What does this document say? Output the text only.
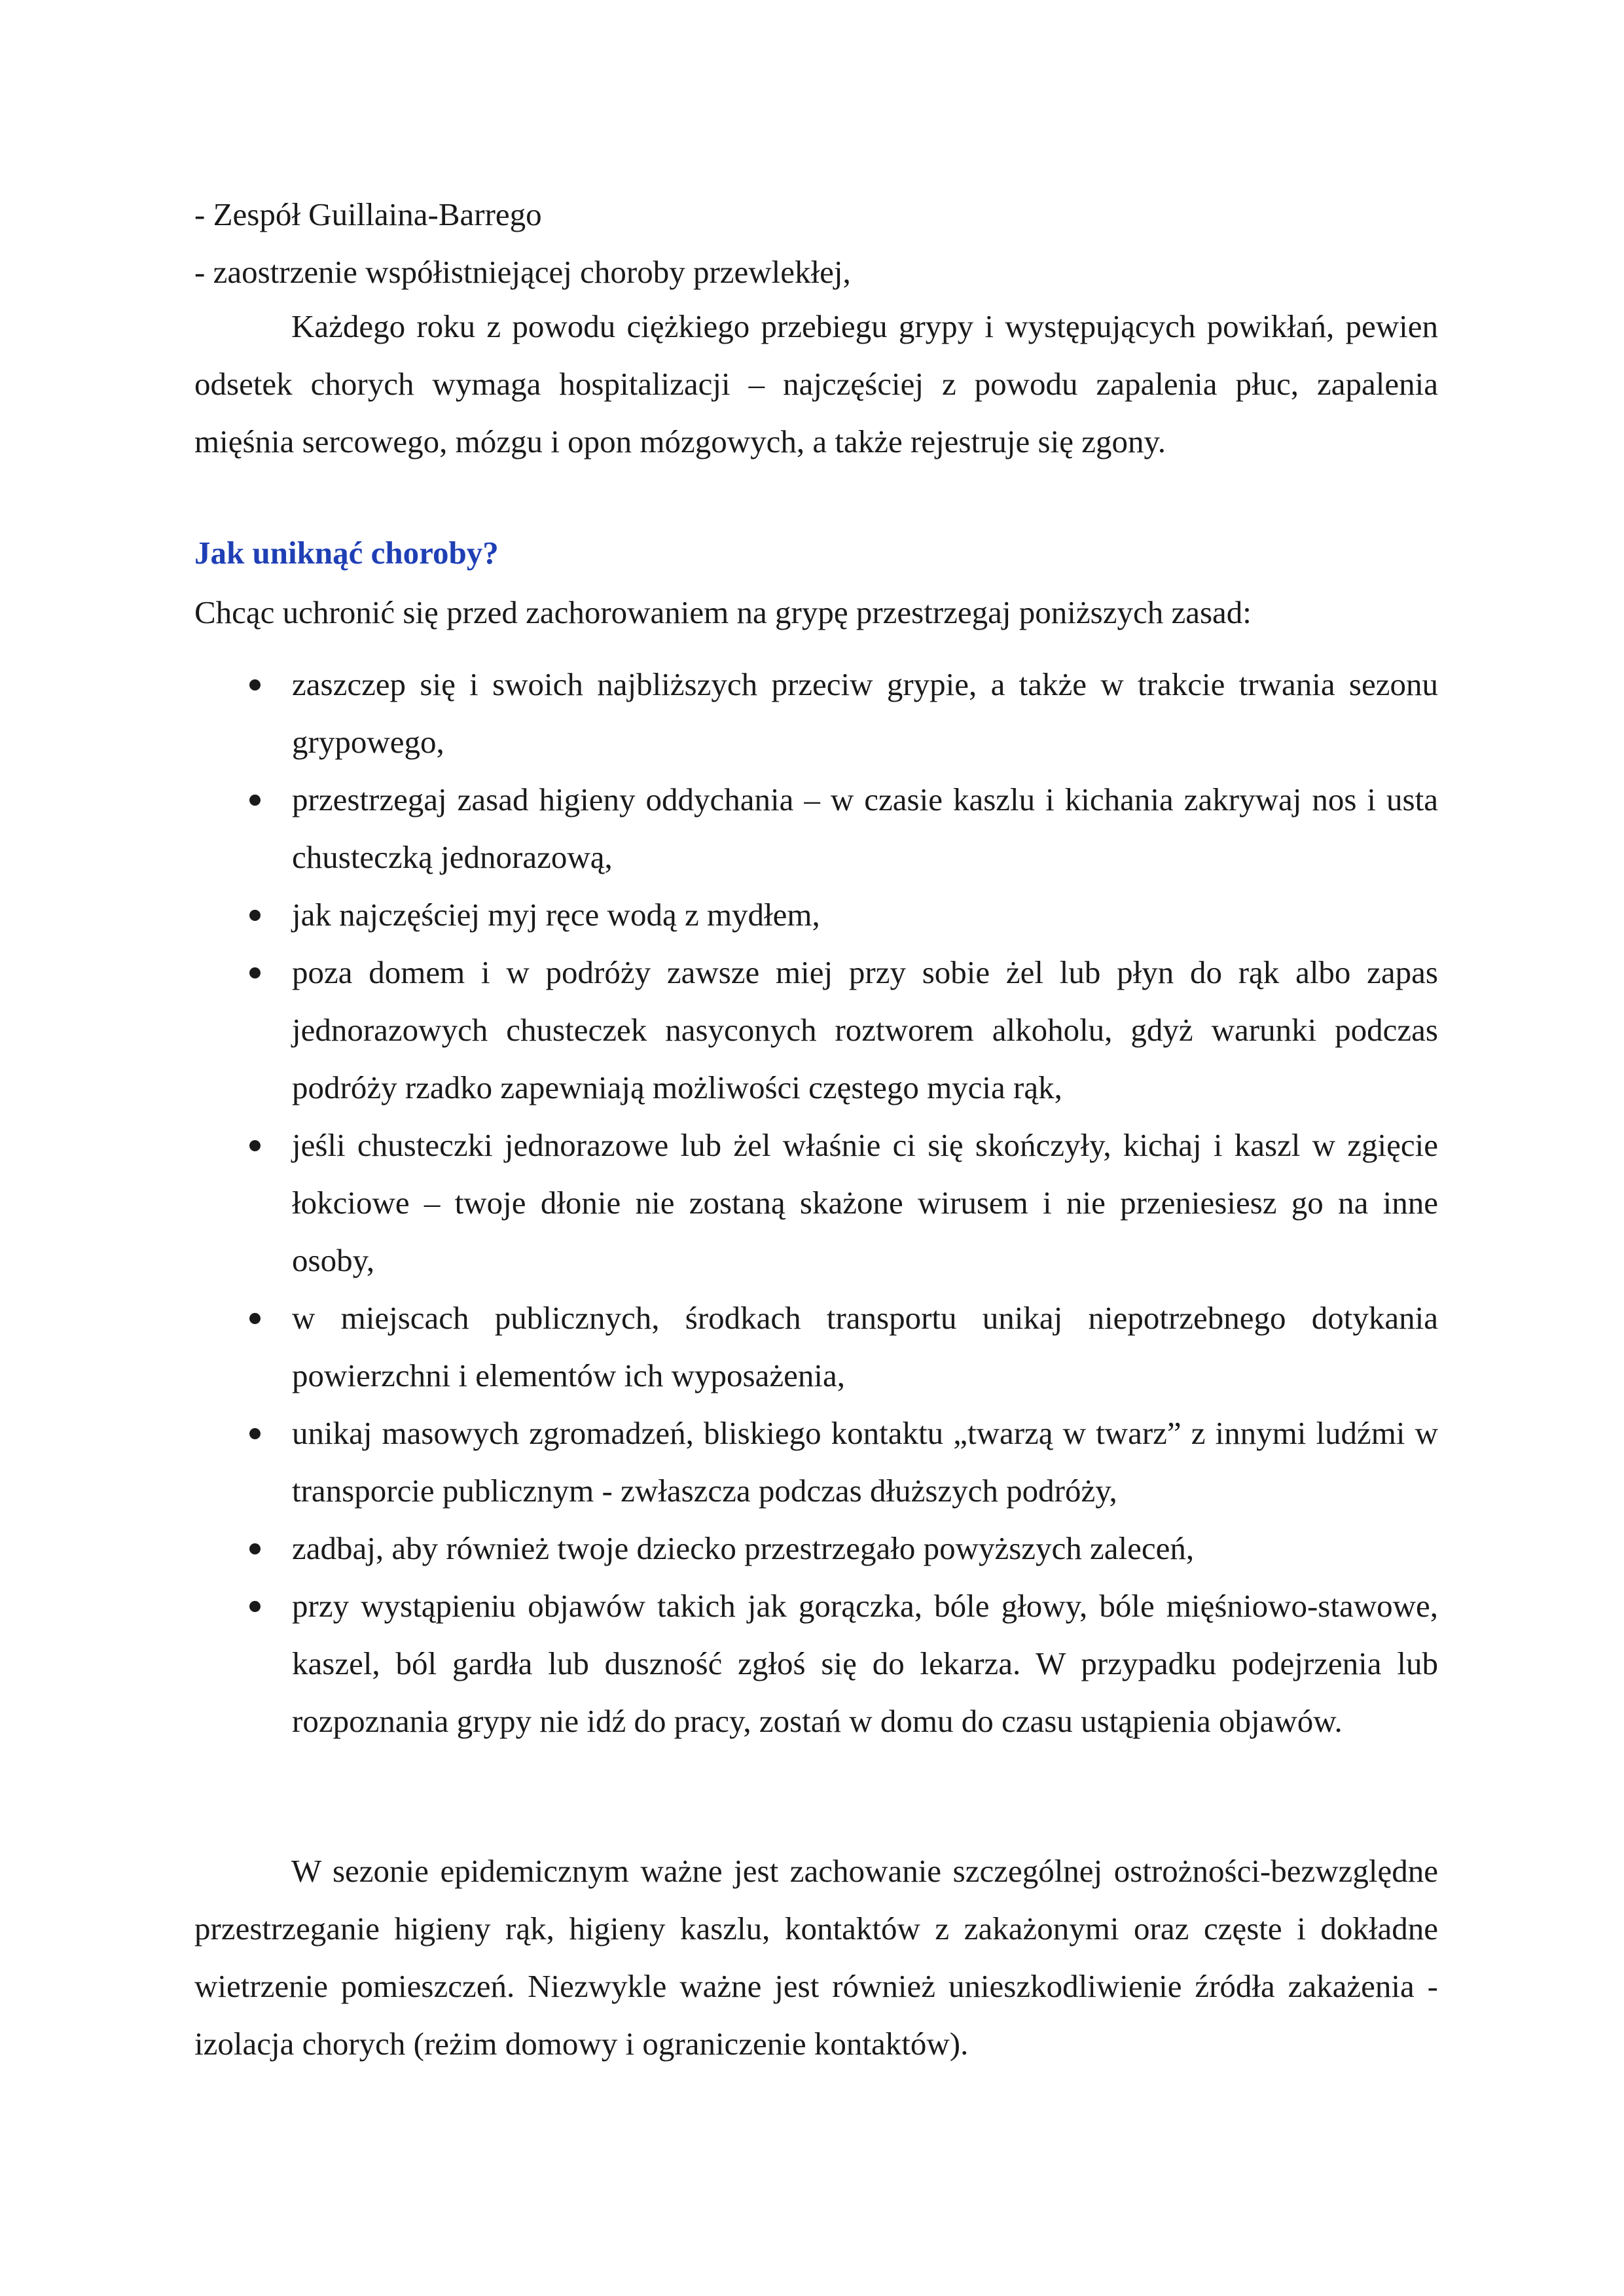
- Zespół Guillaina-Barrego
- zaostrzenie współistniejącej choroby przewlekłej,
Każdego roku z powodu ciężkiego przebiegu grypy i występujących powikłań, pewien odsetek chorych wymaga hospitalizacji – najczęściej z powodu zapalenia płuc, zapalenia mięśnia sercowego, mózgu i opon mózgowych, a także rejestruje się zgony.
Jak uniknąć choroby?
Chcąc uchronić się przed zachorowaniem na grypę przestrzegaj poniższych zasad:
zaszczep się i swoich najbliższych przeciw grypie, a także w trakcie trwania sezonu grypowego,
przestrzegaj zasad higieny oddychania – w czasie kaszlu i kichania zakrywaj nos i usta chusteczką jednorazową,
jak najczęściej myj ręce wodą z mydłem,
poza domem i w podróży zawsze miej przy sobie żel lub płyn do rąk albo zapas jednorazowych chusteczek nasyconych roztworem alkoholu, gdyż warunki podczas podróży rzadko zapewniają możliwości częstego mycia rąk,
jeśli chusteczki jednorazowe lub żel właśnie ci się skończyły, kichaj i kaszl w zgięcie łokciowe – twoje dłonie nie zostaną skażone wirusem i nie przeniesiesz go na inne osoby,
w miejscach publicznych, środkach transportu unikaj niepotrzebnego dotykania powierzchni i elementów ich wyposażenia,
unikaj masowych zgromadzeń, bliskiego kontaktu „twarzą w twarz” z innymi ludźmi w transporcie publicznym - zwłaszcza podczas dłuższych podróży,
zadbaj, aby również twoje dziecko przestrzegało powyższych zaleceń,
przy wystąpieniu objawów takich jak gorączka, bóle głowy, bóle mięśniowo-stawowe, kaszel, ból gardła lub duszność zgłoś się do lekarza. W przypadku podejrzenia lub rozpoznania grypy nie idź do pracy, zostań w domu do czasu ustąpienia objawów.
W sezonie epidemicznym ważne jest zachowanie szczególnej ostrożności-bezwzględne przestrzeganie higieny rąk, higieny kaszlu, kontaktów z zakażonymi oraz częste i dokładne wietrzenie pomieszczeń. Niezwykle ważne jest również unieszkodliwienie źródła zakażenia - izolacja chorych (reżim domowy i ograniczenie kontaktów).
